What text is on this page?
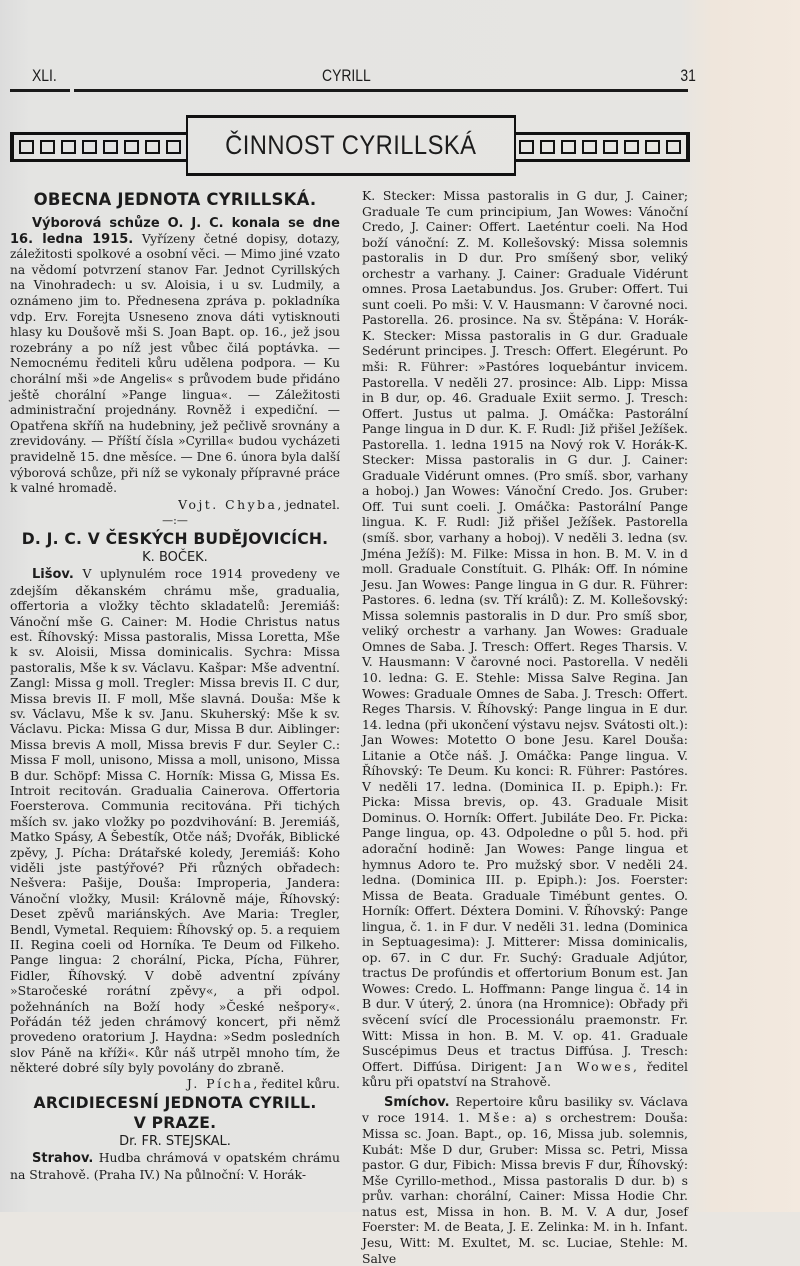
XLI.	CYRILL	31
ČINNOST CYRILLSKÁ
OBECNA JEDNOTA CYRILLSKÁ.

Výborová schůze O. J. C. konala se dne 16. ledna 1915. Vyřízeny četné dopisy, dotazy, záležitosti spolkové a osobní věci. — Mimo jiné vzato na vědomí potvrzení stanov Far. Jednot Cyrillských na Vinohradech: u sv. Aloisia, i u sv. Ludmily, a oznámeno jim to. Přednesena zpráva p. pokladníka vdp. Erv. Forejta Usneseno znova dáti vytisknouti hlasy ku Doušově mši S. Joan Bapt. op. 16., jež jsou rozebrány a po níž jest vůbec čilá poptávka. — Nemocnému řediteli kůru udělena podpora. — Ku chorální mši »de Angelis« s průvodem bude přidáno ještě chorální »Pange lingua«. — Záležitosti administrační projednány. Rovněž i expediční. — Opatřena skříň na hudebniny, jež pečlivě srovnány a zrevidovány. — Příští čísla »Cyrilla« budou vycházeti pravidelně 15. dne měsíce. — Dne 6. února byla další výborová schůze, při níž se vykonaly přípravné práce k valné hromadě.

Vojt. Chyba, jednatel.

—:—
D. J. C. V ČESKÝCH BUDĚJOVICÍCH.
K. BOČEK.

Lišov. V uplynulém roce 1914 provedeny ve zdejším děkanském chrámu mše, gradualia, offertoria a vložky těchto skladatelů: Jeremiáš: Vánoční mše G. Cainer: M. Hodie Christus natus est. Říhovský: Missa pastoralis, Missa Loretta, Mše k sv. Aloisii, Missa dominicalis. Sychra: Missa pastoralis, Mše k sv. Václavu. Kašpar: Mše adventní. Zangl: Missa g moll. Tregler: Missa brevis II. C dur, Missa brevis II. F moll, Mše slavná. Douša: Mše k sv. Václavu, Mše k sv. Janu. Skuherský: Mše k sv. Václavu. Picka: Missa G dur, Missa B dur. Aiblinger: Missa brevis A moll, Missa brevis F dur. Seyler C.: Missa F moll, unisono, Missa a moll, unisono, Missa B dur. Schöpf: Missa C. Horník: Missa G, Missa Es. Introit recitován. Gradualia Cainerova. Offertoria Foersterova. Communia recitována. Při tichých mších sv. jako vložky po pozdvihování: B. Jeremiáš, Matko Spásy, A Šebestík, Otče náš; Dvořák, Biblické zpěvy, J. Pícha: Drátařské koledy, Jeremiáš: Koho viděli jste pastýřové? Při různých obřadech: Nešvera: Pašije, Douša: Improperia, Jandera: Vánoční vložky, Musil: Královně máje, Říhovský: Deset zpěvů mariánských. Ave Maria: Tregler, Bendl, Vymetal. Requiem: Říhovský op. 5. a requiem II. Regina coeli od Horníka. Te Deum od Filkeho. Pange lingua: 2 chorální, Picka, Pícha, Führer, Fidler, Říhovský. V době adventní zpívány »Staročeské rorátní zpěvy«, a při odpol. požehnáních na Boží hody »České nešpory«. Pořádán též jeden chrámový koncert, při němž provedeno oratorium J. Haydna: »Sedm posledních slov Páně na kříži«. Kůr náš utrpěl mnoho tím, že některé dobré síly byly povolány do zbraně.

J. Pícha, ředitel kůru.

ARCIDIECESNÍ JEDNOTA CYRILL.
V PRAZE.
Dr. FR. STEJSKAL.

Strahov. Hudba chrámová v opatském chrámu na Strahově. (Praha IV.) Na půlnoční: V. Horák-

K. Stecker: Missa pastoralis in G dur, J. Cainer; Graduale Te cum principium, Jan Wowes: Vánoční Credo, J. Cainer: Offert. Laeténtur coeli. Na Hod boží vánoční: Z. M. Kollešovský: Missa solemnis pastoralis in D dur. Pro smíšený sbor, veliký orchestr a varhany. J. Cainer: Graduale Vidérunt omnes. Prosa Laetabundus. Jos. Gruber: Offert. Tui sunt coeli. Po mši: V. V. Hausmann: V čarovné noci. Pastorella. 26. prosince. Na sv. Štěpána: V. Horák-K. Stecker: Missa pastoralis in G dur. Graduale Sedérunt principes. J. Tresch: Offert. Elegérunt. Po mši: R. Führer: »Pastóres loquebántur invicem. Pastorella. V neděli 27. prosince: Alb. Lipp: Missa in B dur, op. 46. Graduale Exiit sermo. J. Tresch: Offert. Justus ut palma. J. Omáčka: Pastorální Pange lingua in D dur. K. F. Rudl: Již přišel Ježíšek. Pastorella. 1. ledna 1915 na Nový rok V. Horák-K. Stecker: Missa pastoralis in G dur. J. Cainer: Graduale Vidérunt omnes. (Pro smíš. sbor, varhany a hoboj.) Jan Wowes: Vánoční Credo. Jos. Gruber: Off. Tui sunt coeli. J. Omáčka: Pastorální Pange lingua. K. F. Rudl: Již přišel Ježíšek. Pastorella (smíš. sbor, varhany a hoboj). V neděli 3. ledna (sv. Jména Ježíš): M. Filke: Missa in hon. B. M. V. in d moll. Graduale Constítuit. G. Plhák: Off. In nómine Jesu. Jan Wowes: Pange lingua in G dur. R. Führer: Pastores. 6. ledna (sv. Tří králů): Z. M. Kollešovský: Missa solemnis pastoralis in D dur. Pro smíš sbor, veliký orchestr a varhany. Jan Wowes: Graduale Omnes de Saba. J. Tresch: Offert. Reges Tharsis. V. V. Hausmann: V čarovné noci. Pastorella. V neděli 10. ledna: G. E. Stehle: Missa Salve Regina. Jan Wowes: Graduale Omnes de Saba. J. Tresch: Offert. Reges Tharsis. V. Říhovský: Pange lingua in E dur. 14. ledna (při ukončení výstavu nejsv. Svátosti olt.): Jan Wowes: Motetto O bone Jesu. Karel Douša: Litanie a Otče náš. J. Omáčka: Pange lingua. V. Říhovský: Te Deum. Ku konci: R. Führer: Pastóres. V neděli 17. ledna. (Dominica II. p. Epiph.): Fr. Picka: Missa brevis, op. 43. Graduale Misit Dominus. O. Horník: Offert. Jubiláte Deo. Fr. Picka: Pange lingua, op. 43. Odpoledne o půl 5. hod. při adorační hodině: Jan Wowes: Pange lingua et hymnus Adoro te. Pro mužský sbor. V neděli 24. ledna. (Dominica III. p. Epiph.): Jos. Foerster: Missa de Beata. Graduale Timébunt gentes. O. Horník: Offert. Déxtera Domini. V. Říhovský: Pange lingua, č. 1. in F dur. V neděli 31. ledna (Dominica in Septuagesima): J. Mitterer: Missa dominicalis, op. 67. in C dur. Fr. Suchý: Graduale Adjútor, tractus De profúndis et offertorium Bonum est. Jan Wowes: Credo. L. Hoffmann: Pange lingua č. 14 in B dur. V úterý, 2. února (na Hromnice): Obřady při svěcení svící dle Processionálu praemonstr. Fr. Witt: Missa in hon. B. M. V. op. 41. Graduale Suscépimus Deus et tractus Diffúsa. J. Tresch: Offert. Diffúsa. Dirigent: Jan Wowes, ředitel kůru při opatství na Strahově.

Smíchov. Repertoire kůru basiliky sv. Václava v roce 1914. 1. Mše: a) s orchestrem: Douša: Missa sc. Joan. Bapt., op. 16, Missa jub. solemnis, Kubát: Mše D dur, Gruber: Missa sc. Petri, Missa pastor. G dur, Fibich: Missa brevis F dur, Říhovský: Mše Cyrillo-method., Missa pastoralis D dur. b) s prův. varhan: chorální, Cainer: Missa Hodie Chr. natus est, Missa in hon. B. M. V. A dur, Josef Foerster: M. de Beata, J. E. Zelinka: M. in h. Infant. Jesu, Witt: M. Exultet, M. sc. Luciae, Stehle: M. Salve
